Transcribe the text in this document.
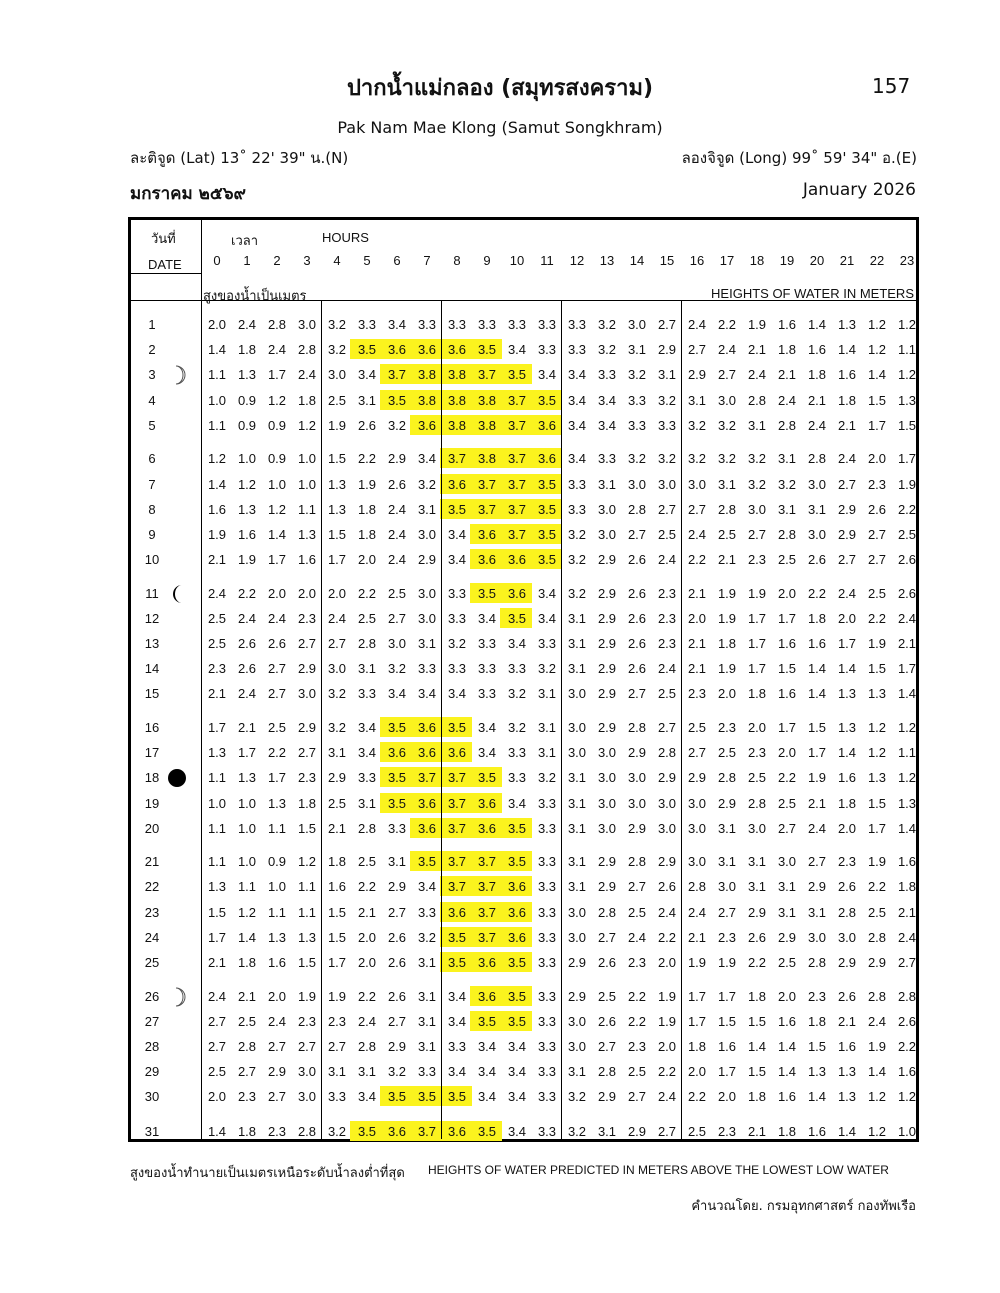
ปากน้ำแม่กลอง (สมุทรสงคราม)	157
Pak Nam Mae Klong (Samut Songkhram)
ละติจูด (Lat) 13˚ 22' 39" น.(N)	ลองจิจูด (Long) 99˚ 59' 34" อ.(E)
มกราคม ๒๕๖๙	January 2026
วันที่
DATE
เวลา	HOURS
สูงของน้ำเป็นเมตร	HEIGHTS OF WATER IN METERS
0	1	2	3	4	5	6	7	8	9	10	11	12	13	14	15	16	17	18	19	20	21	22	23
1	2.0 2.4 2.8 3.0 3.2 3.3 3.4 3.3 3.3 3.3 3.3 3.3 3.3 3.2 3.0 2.7 2.4 2.2 1.9 1.6 1.4 1.3 1.2 1.2
2	1.4 1.8 2.4 2.8 3.2 3.5 3.6 3.6 3.6 3.5 3.4 3.3 3.3 3.2 3.1 2.9 2.7 2.4 2.1 1.8 1.6 1.4 1.2 1.1
3	1.1 1.3 1.7 2.4 3.0 3.4 3.7 3.8 3.8 3.7 3.5 3.4 3.4 3.3 3.2 3.1 2.9 2.7 2.4 2.1 1.8 1.6 1.4 1.2
4	1.0 0.9 1.2 1.8 2.5 3.1 3.5 3.8 3.8 3.8 3.7 3.5 3.4 3.4 3.3 3.2 3.1 3.0 2.8 2.4 2.1 1.8 1.5 1.3
5	1.1 0.9 0.9 1.2 1.9 2.6 3.2 3.6 3.8 3.8 3.7 3.6 3.4 3.4 3.3 3.3 3.2 3.2 3.1 2.8 2.4 2.1 1.7 1.5
6	1.2 1.0 0.9 1.0 1.5 2.2 2.9 3.4 3.7 3.8 3.7 3.6 3.4 3.3 3.2 3.2 3.2 3.2 3.2 3.1 2.8 2.4 2.0 1.7
7	1.4 1.2 1.0 1.0 1.3 1.9 2.6 3.2 3.6 3.7 3.7 3.5 3.3 3.1 3.0 3.0 3.0 3.1 3.2 3.2 3.0 2.7 2.3 1.9
8	1.6 1.3 1.2 1.1 1.3 1.8 2.4 3.1 3.5 3.7 3.7 3.5 3.3 3.0 2.8 2.7 2.7 2.8 3.0 3.1 3.1 2.9 2.6 2.2
9	1.9 1.6 1.4 1.3 1.5 1.8 2.4 3.0 3.4 3.6 3.7 3.5 3.2 3.0 2.7 2.5 2.4 2.5 2.7 2.8 3.0 2.9 2.7 2.5
10	2.1 1.9 1.7 1.6 1.7 2.0 2.4 2.9 3.4 3.6 3.6 3.5 3.2 2.9 2.6 2.4 2.2 2.1 2.3 2.5 2.6 2.7 2.7 2.6
11	2.4 2.2 2.0 2.0 2.0 2.2 2.5 3.0 3.3 3.5 3.6 3.4 3.2 2.9 2.6 2.3 2.1 1.9 1.9 2.0 2.2 2.4 2.5 2.6
12	2.5 2.4 2.4 2.3 2.4 2.5 2.7 3.0 3.3 3.4 3.5 3.4 3.1 2.9 2.6 2.3 2.0 1.9 1.7 1.7 1.8 2.0 2.2 2.4
13	2.5 2.6 2.6 2.7 2.7 2.8 3.0 3.1 3.2 3.3 3.4 3.3 3.1 2.9 2.6 2.3 2.1 1.8 1.7 1.6 1.6 1.7 1.9 2.1
14	2.3 2.6 2.7 2.9 3.0 3.1 3.2 3.3 3.3 3.3 3.3 3.2 3.1 2.9 2.6 2.4 2.1 1.9 1.7 1.5 1.4 1.4 1.5 1.7
15	2.1 2.4 2.7 3.0 3.2 3.3 3.4 3.4 3.4 3.3 3.2 3.1 3.0 2.9 2.7 2.5 2.3 2.0 1.8 1.6 1.4 1.3 1.3 1.4
16	1.7 2.1 2.5 2.9 3.2 3.4 3.5 3.6 3.5 3.4 3.2 3.1 3.0 2.9 2.8 2.7 2.5 2.3 2.0 1.7 1.5 1.3 1.2 1.2
17	1.3 1.7 2.2 2.7 3.1 3.4 3.6 3.6 3.6 3.4 3.3 3.1 3.0 3.0 2.9 2.8 2.7 2.5 2.3 2.0 1.7 1.4 1.2 1.1
18	1.1 1.3 1.7 2.3 2.9 3.3 3.5 3.7 3.7 3.5 3.3 3.2 3.1 3.0 3.0 2.9 2.9 2.8 2.5 2.2 1.9 1.6 1.3 1.2
19	1.0 1.0 1.3 1.8 2.5 3.1 3.5 3.6 3.7 3.6 3.4 3.3 3.1 3.0 3.0 3.0 3.0 2.9 2.8 2.5 2.1 1.8 1.5 1.3
20	1.1 1.0 1.1 1.5 2.1 2.8 3.3 3.6 3.7 3.6 3.5 3.3 3.1 3.0 2.9 3.0 3.0 3.1 3.0 2.7 2.4 2.0 1.7 1.4
21	1.1 1.0 0.9 1.2 1.8 2.5 3.1 3.5 3.7 3.7 3.5 3.3 3.1 2.9 2.8 2.9 3.0 3.1 3.1 3.0 2.7 2.3 1.9 1.6
22	1.3 1.1 1.0 1.1 1.6 2.2 2.9 3.4 3.7 3.7 3.6 3.3 3.1 2.9 2.7 2.6 2.8 3.0 3.1 3.1 2.9 2.6 2.2 1.8
23	1.5 1.2 1.1 1.1 1.5 2.1 2.7 3.3 3.6 3.7 3.6 3.3 3.0 2.8 2.5 2.4 2.4 2.7 2.9 3.1 3.1 2.8 2.5 2.1
24	1.7 1.4 1.3 1.3 1.5 2.0 2.6 3.2 3.5 3.7 3.6 3.3 3.0 2.7 2.4 2.2 2.1 2.3 2.6 2.9 3.0 3.0 2.8 2.4
25	2.1 1.8 1.6 1.5 1.7 2.0 2.6 3.1 3.5 3.6 3.5 3.3 2.9 2.6 2.3 2.0 1.9 1.9 2.2 2.5 2.8 2.9 2.9 2.7
26	2.4 2.1 2.0 1.9 1.9 2.2 2.6 3.1 3.4 3.6 3.5 3.3 2.9 2.5 2.2 1.9 1.7 1.7 1.8 2.0 2.3 2.6 2.8 2.8
27	2.7 2.5 2.4 2.3 2.3 2.4 2.7 3.1 3.4 3.5 3.5 3.3 3.0 2.6 2.2 1.9 1.7 1.5 1.5 1.6 1.8 2.1 2.4 2.6
28	2.7 2.8 2.7 2.7 2.7 2.8 2.9 3.1 3.3 3.4 3.4 3.3 3.0 2.7 2.3 2.0 1.8 1.6 1.4 1.4 1.5 1.6 1.9 2.2
29	2.5 2.7 2.9 3.0 3.1 3.1 3.2 3.3 3.4 3.4 3.4 3.3 3.1 2.8 2.5 2.2 2.0 1.7 1.5 1.4 1.3 1.3 1.4 1.6
30	2.0 2.3 2.7 3.0 3.3 3.4 3.5 3.5 3.5 3.4 3.4 3.3 3.2 2.9 2.7 2.4 2.2 2.0 1.8 1.6 1.4 1.3 1.2 1.2
31	1.4 1.8 2.3 2.8 3.2 3.5 3.6 3.7 3.6 3.5 3.4 3.3 3.2 3.1 2.9 2.7 2.5 2.3 2.1 1.8 1.6 1.4 1.2 1.0
สูงของน้ำทำนายเป็นเมตรเหนือระดับน้ำลงต่ำที่สุด HEIGHTS OF WATER PREDICTED IN METERS ABOVE THE LOWEST LOW WATER
คำนวณโดย. กรมอุทกศาสตร์ กองทัพเรือ
